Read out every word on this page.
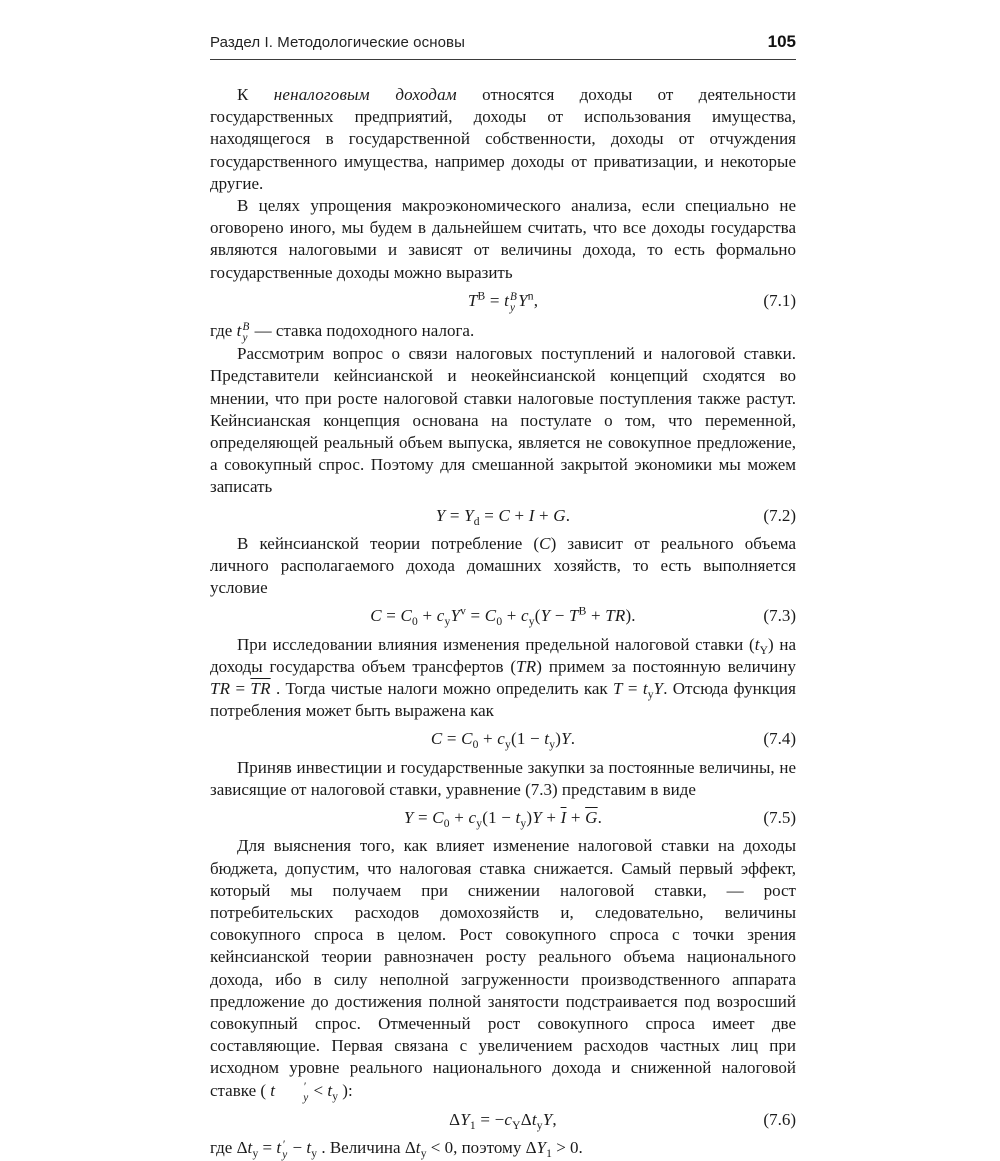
Раздел I. Методологические основы	105

К неналоговым доходам относятся доходы от деятельности государственных предприятий, доходы от использования имущества, находящегося в государственной собственности, доходы от отчуждения государственного имущества, например доходы от приватизации, и некоторые другие.

В целях упрощения макроэкономического анализа, если специально не оговорено иного, мы будем в дальнейшем считать, что все доходы государства являются налоговыми и зависят от величины дохода, то есть формально государственные доходы можно выразить

$T^B = t$ B
y $Y^n$,	(7.1)

где t B
y — ставка подоходного налога.

Рассмотрим вопрос о связи налоговых поступлений и налоговой ставки. Представители кейнсианской и неокейнсианской концепций сходятся во мнении, что при росте налоговой ставки налоговые поступления также растут. Кейнсианская концепция основана на постулате о том, что переменной, определяющей реальный объем выпуска, является не совокупное предложение, а совокупный спрос. Поэтому для смешанной закрытой экономики мы можем записать

$Y = Y_d = C + I + G$.	(7.2)

В кейнсианской теории потребление (C) зависит от реального объема личного располагаемого дохода домашних хозяйств, то есть выполняется условие

$C = C_0 + c_yY^v = C_0 + c_y(Y - T^B + TR)$.	(7.3)

При исследовании влияния изменения предельной налоговой ставки $(t_Y)$ на доходы государства объем трансфертов (TR) примем за постоянную величину TR = $\overline{TR}$ . Тогда чистые налоги можно определить как $T = t_yY$. Отсюда функция потребления может быть выражена как

$C = C_0 + c_y(1 - t_y)Y$.	(7.4)

Приняв инвестиции и государственные закупки за постоянные величины, не зависящие от налоговой ставки, уравнение (7.3) представим в виде

$Y = C_0 + c_y(1 - t_y)Y + \overline{I} + \overline{G}$.	(7.5)

Для выяснения того, как влияет изменение налоговой ставки на доходы бюджета, допустим, что налоговая ставка снижается. Самый первый эффект, который мы получаем при снижении налоговой ставки, — рост потребительских расходов домохозяйств и, следовательно, величины совокупного спроса в целом. Рост совокупного спроса с точки зрения кейнсианской теории равнозначен росту реального объема национального дохода, ибо в силу неполной загруженности производственного аппарата предложение до достижения полной занятости подстраивается под возросший совокупный спрос. Отмеченный рост совокупного спроса имеет две составляющие. Первая связана с увеличением расходов частных лиц при исходном уровне реального национального дохода и сниженной налоговой ставке ( t	′
$y < t_y$ ):

$\Delta Y_1 = -c_Y\Delta t_yY$,	(7.6)

где $\Delta t_y = t$ ′
$y - t_y$ . Величина $\Delta t_y < 0$, поэтому $\Delta Y_1 > 0$.
